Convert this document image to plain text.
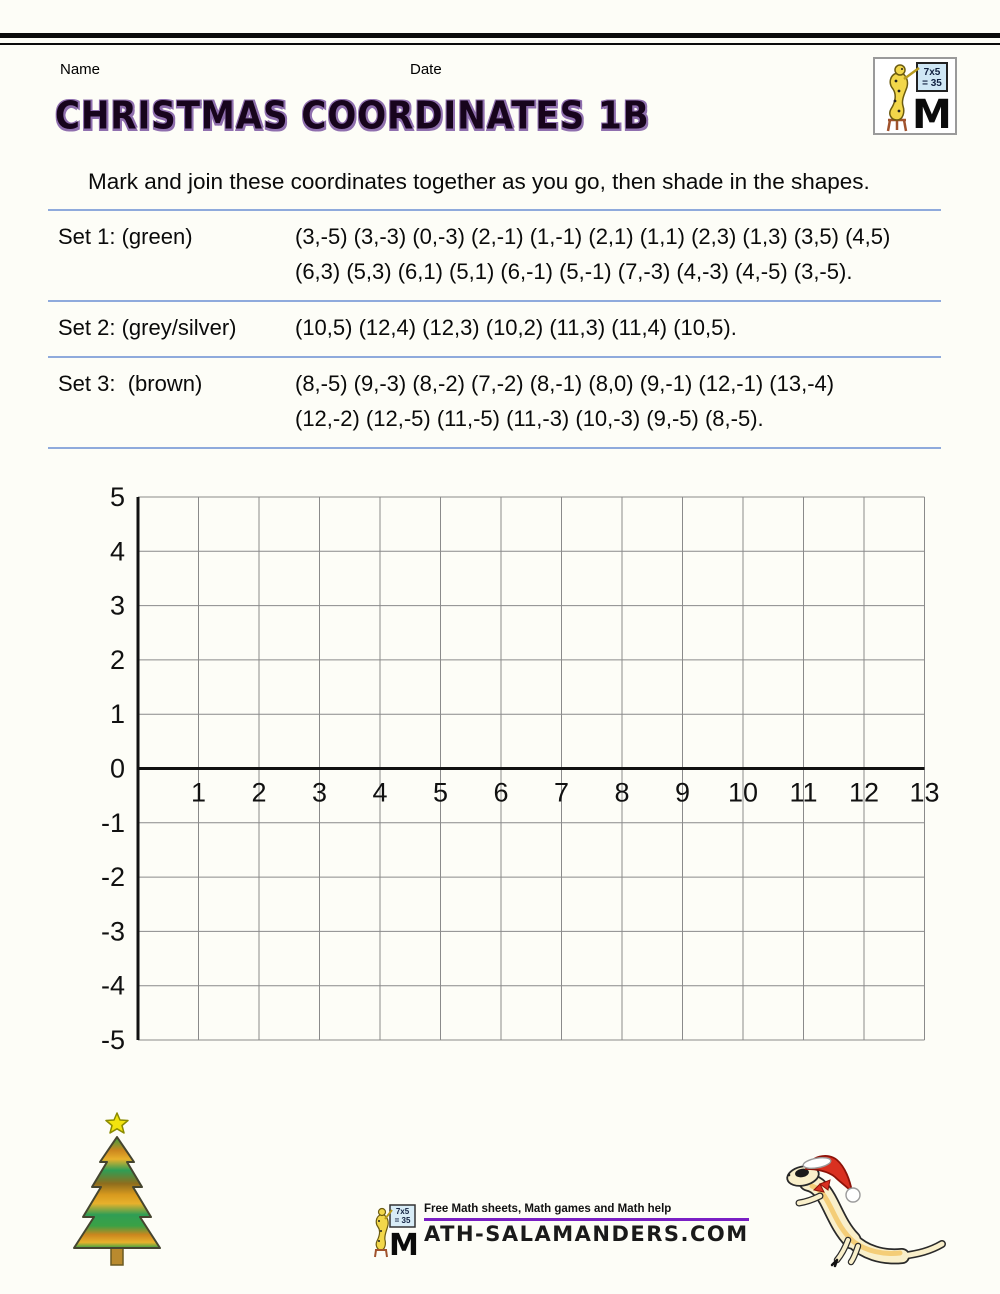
Name	Date	7x5
= 35
M
CHRISTMAS COORDINATES 1B
Mark and join these coordinates together as you go, then shade in the shapes.
Set 1: (green)	(3,-5) (3,-3) (0,-3) (2,-1) (1,-1) (2,1) (1,1) (2,3) (1,3) (3,5) (4,5)
(6,3) (5,3) (6,1) (5,1) (6,-1) (5,-1) (7,-3) (4,-3) (4,-5) (3,-5).
Set 2: (grey/silver)	(10,5) (12,4) (12,3) (10,2) (11,3) (11,4) (10,5).
Set 3:  (brown)	(8,-5) (9,-3) (8,-2) (7,-2) (8,-1) (8,0) (9,-1) (12,-1) (13,-4)
(12,-2) (12,-5) (11,-5) (11,-3) (10,-3) (9,-5) (8,-5).
1 2 3 4 5 6 7 8 9 10 11 12 13
5
4
3
2
1
0
-1
-2
-3
-4
-5
7x5
= 35
M
Free Math sheets, Math games and Math help
ATH-SALAMANDERS.COM
